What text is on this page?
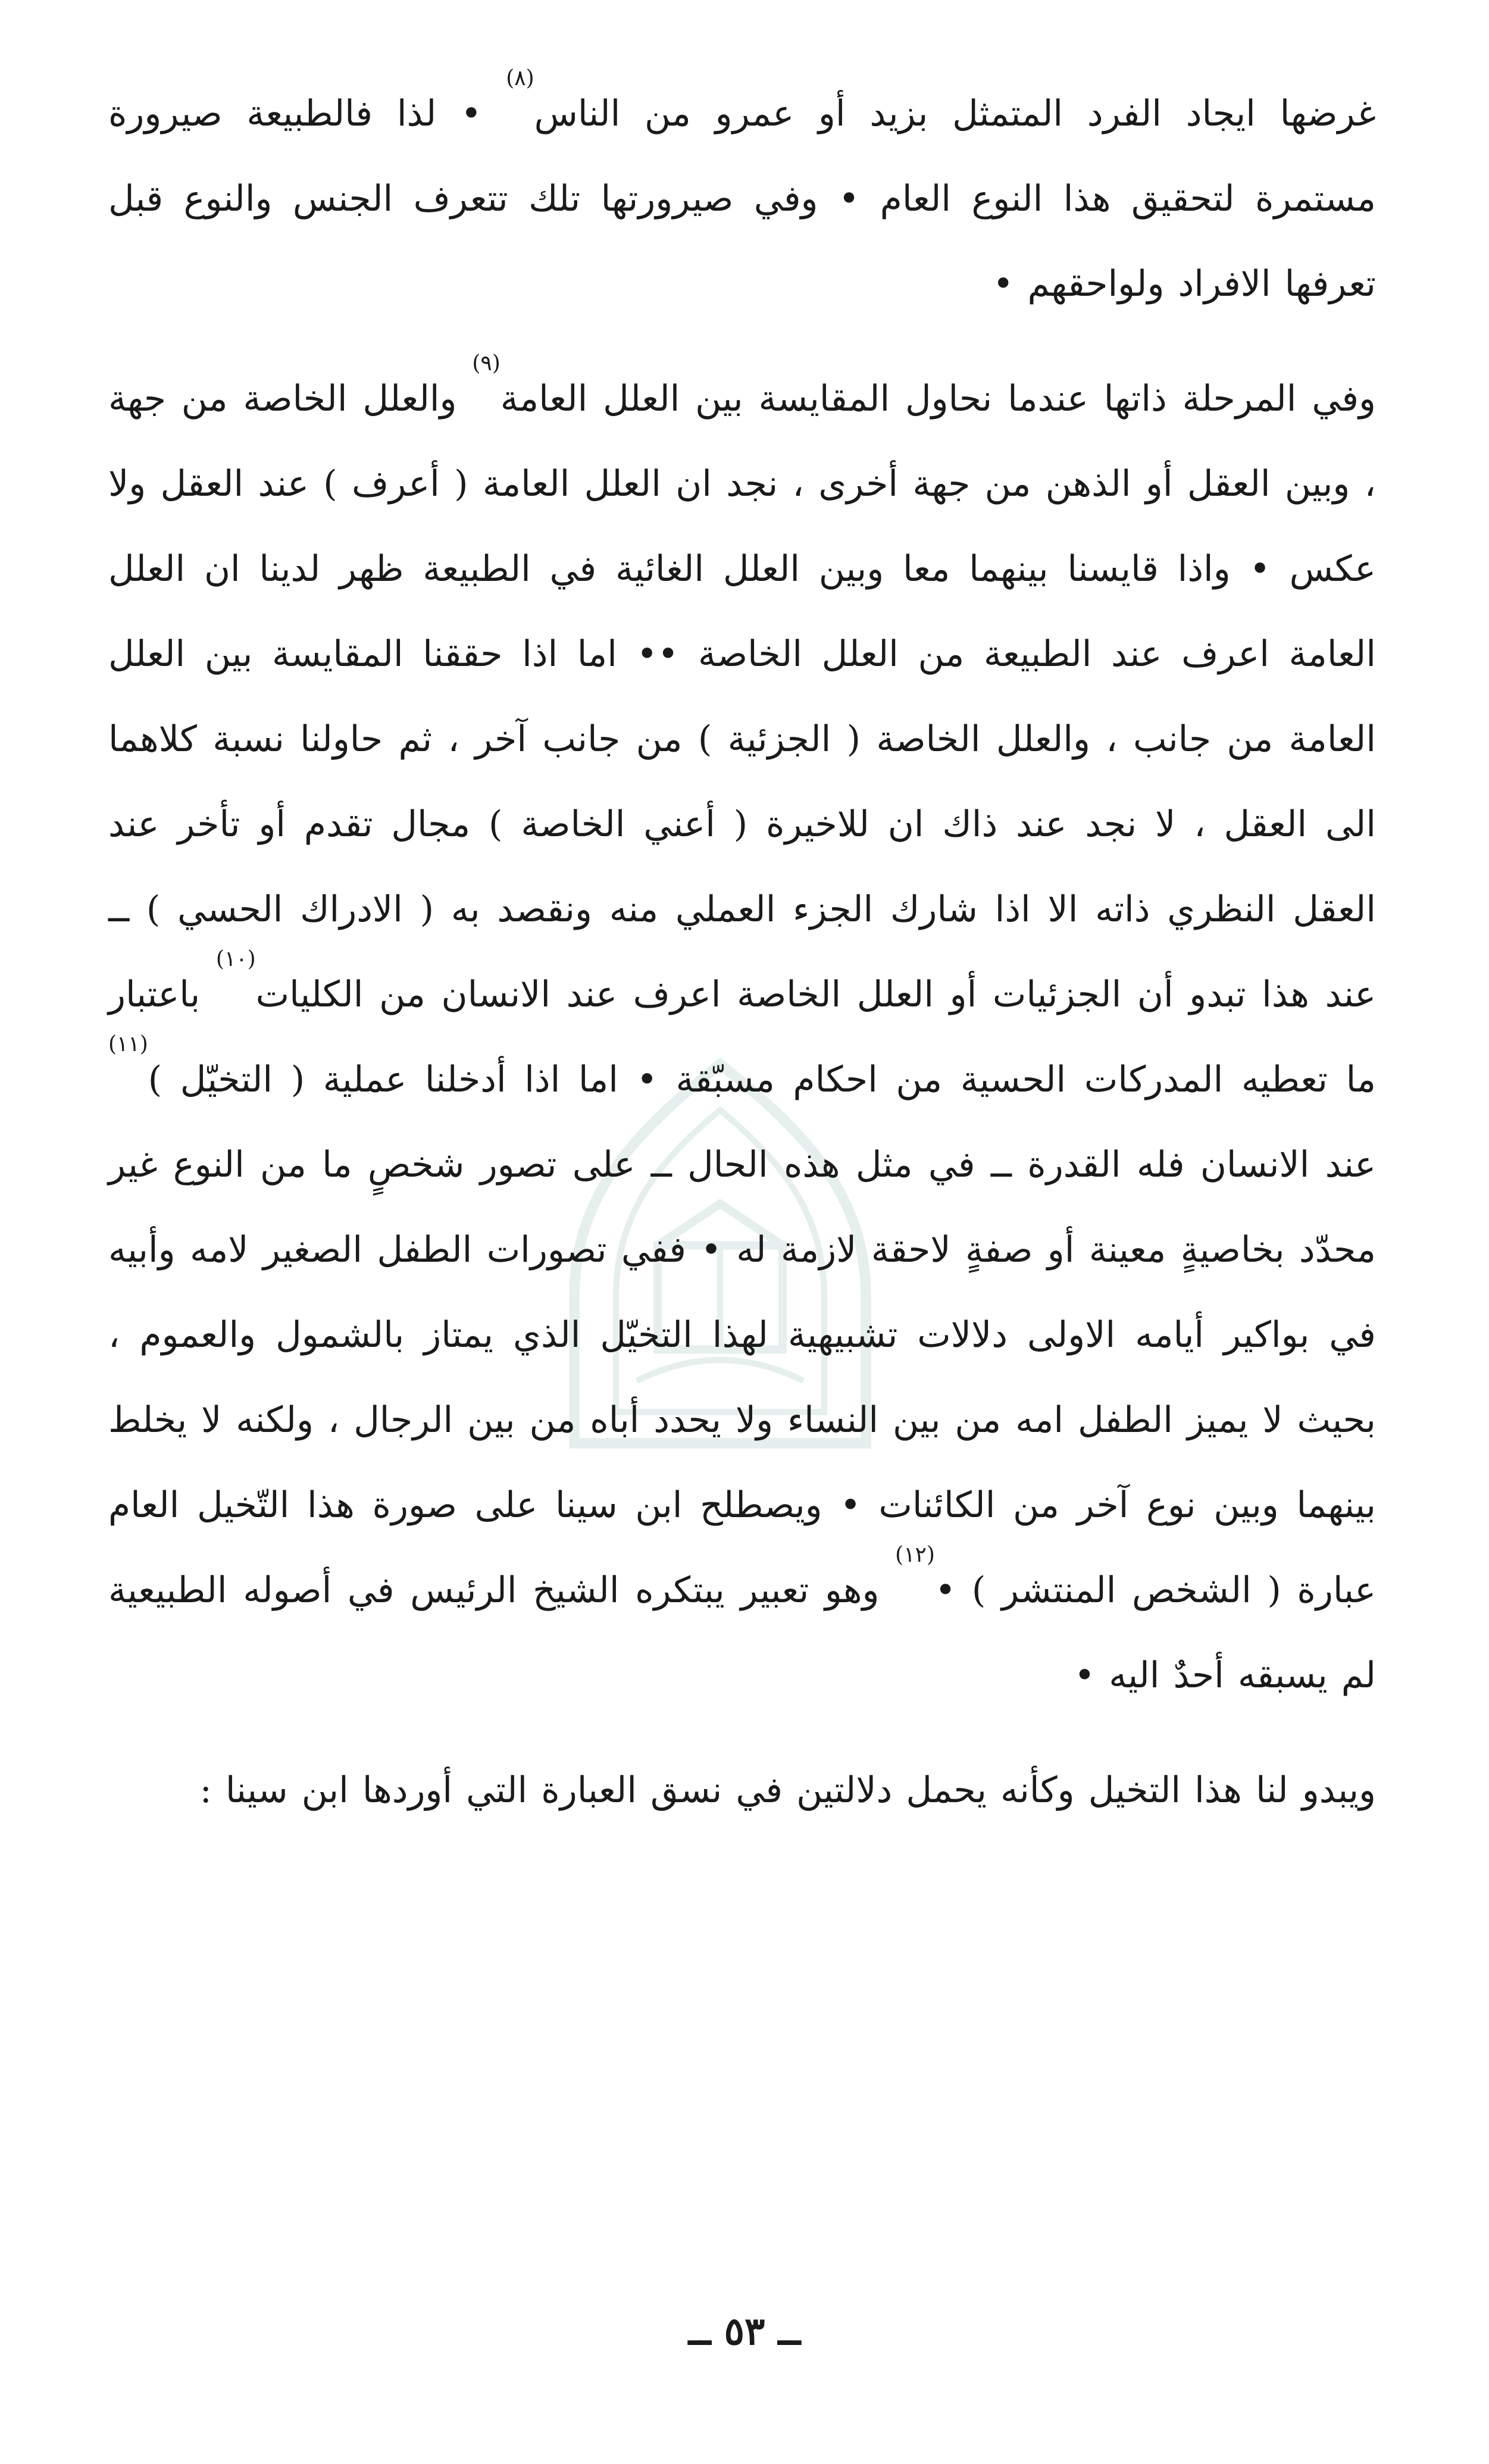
غرضها ايجاد الفرد المتمثل بزيد أو عمرو من الناس$^{(٨)}$ • لذا فالطبيعة صيرورة مستمرة لتحقيق هذا النوع العام • وفي صيرورتها تلك تتعرف الجنس والنوع قبل تعرفها الافراد ولواحقهم •

وفي المرحلة ذاتها عندما نحاول المقايسة بين العلل العامة$^{(٩)}$ والعلل الخاصة من جهة ، وبين العقل أو الذهن من جهة أخرى ، نجد ان العلل العامة ( أعرف ) عند العقل ولا عكس • واذا قايسنا بينهما معا وبين العلل الغائية في الطبيعة ظهر لدينا ان العلل العامة اعرف عند الطبيعة من العلل الخاصة •• اما اذا حققنا المقايسة بين العلل العامة من جانب ، والعلل الخاصة ( الجزئية ) من جانب آخر ، ثم حاولنا نسبة كلاهما الى العقل ، لا نجد عند ذاك ان للاخيرة ( أعني الخاصة ) مجال تقدم أو تأخر عند العقل النظري ذاته الا اذا شارك الجزء العملي منه ونقصد به ( الادراك الحسي ) ــ عند هذا تبدو أن الجزئيات أو العلل الخاصة اعرف عند الانسان من الكليات$^{(١٠)}$ باعتبار ما تعطيه المدركات الحسية من احكام مسبّقة • اما اذا أدخلنا عملية ( التخيّل )$^{(١١)}$ عند الانسان فله القدرة ــ في مثل هذه الحال ــ على تصور شخصٍ ما من النوع غير محدّد بخاصيةٍ معينة أو صفةٍ لاحقة لازمة له • ففي تصورات الطفل الصغير لامه وأبيه في بواكير أيامه الاولى دلالات تشبيهية لهذا التخيّل الذي يمتاز بالشمول والعموم ، بحيث لا يميز الطفل امه من بين النساء ولا يحدد أباه من بين الرجال ، ولكنه لا يخلط بينهما وبين نوع آخر من الكائنات • ويصطلح ابن سينا على صورة هذا التّخيل العام عبارة ( الشخص المنتشر ) •$^{(١٢)}$ وهو تعبير يبتكره الشيخ الرئيس في أصوله الطبيعية لم يسبقه أحدٌ اليه •

ويبدو لنا هذا التخيل وكأنه يحمل دلالتين في نسق العبارة التي أوردها ابن سينا :

ــ ٥٣ ــ
